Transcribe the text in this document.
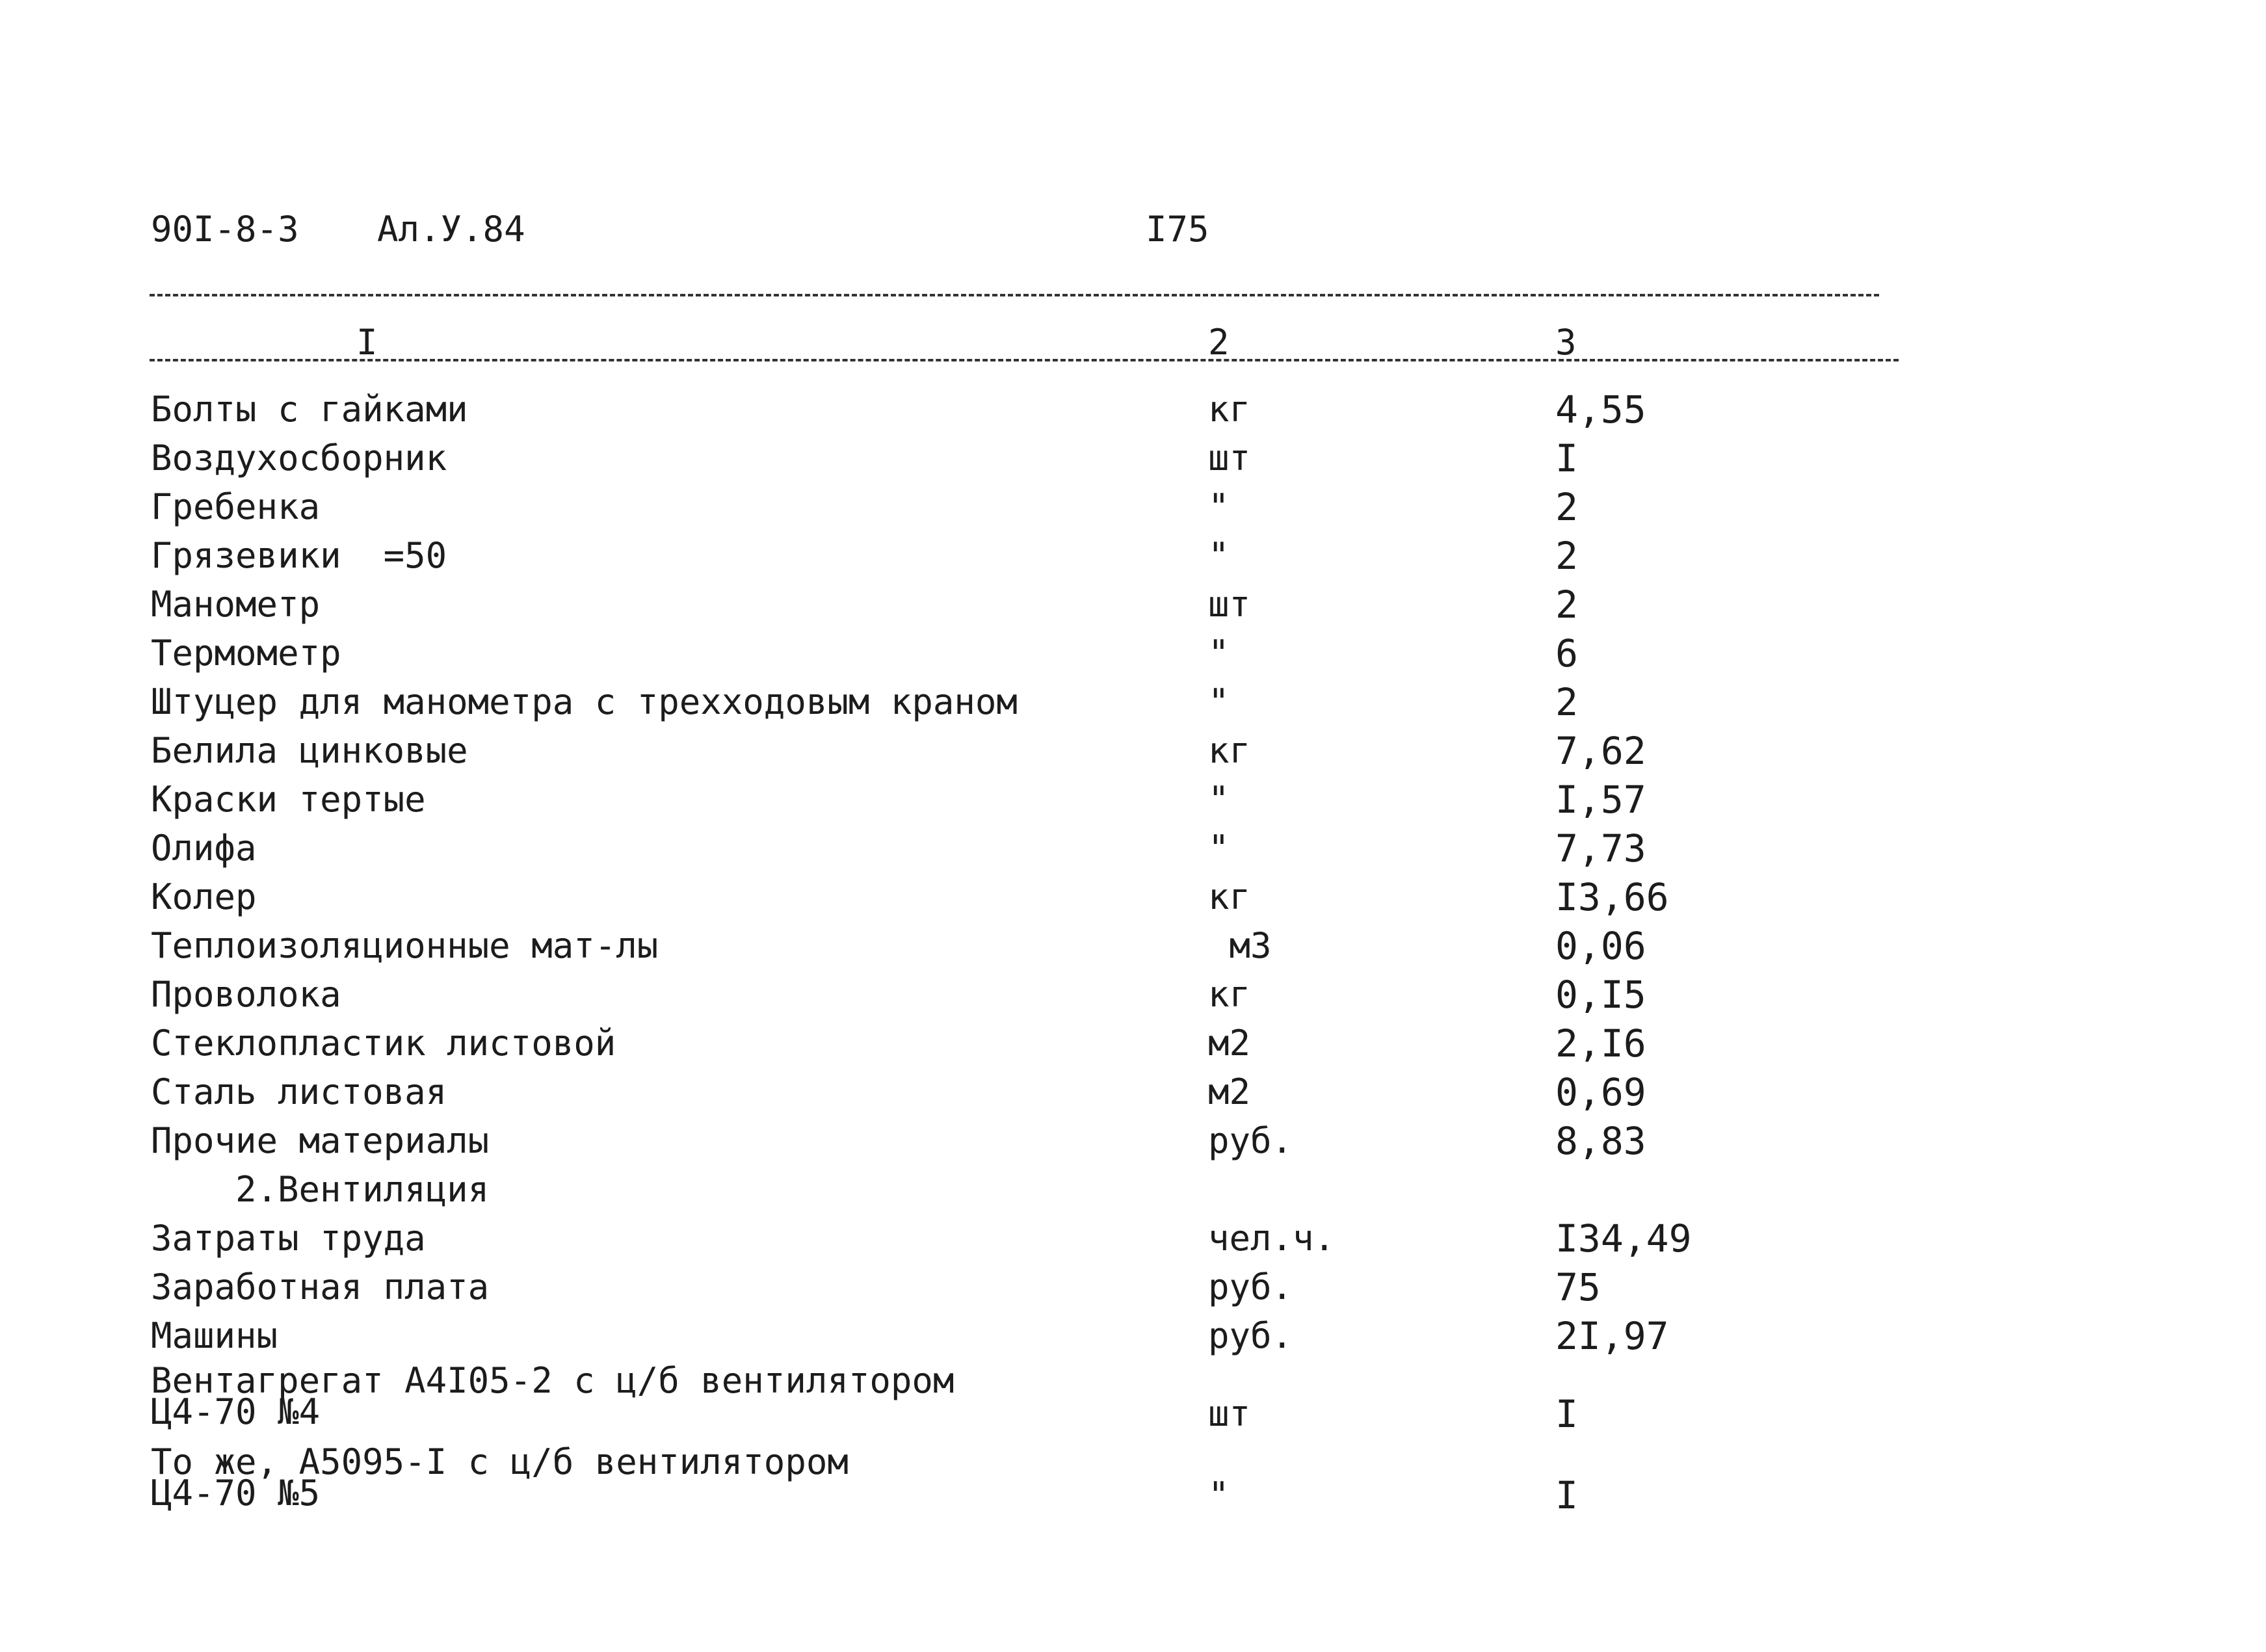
90I-8-3 Ал.У.84	I75
I	2	3
Болты с гайками	кг	4,55
Воздухосборник	шт	I
Гребенка	"	2
Грязевики  =50	"	2
Манометр	шт	2
Термометр	"	6
Штуцер для манометра с трехходовым краном	"	2
Белила цинковые	кг	7,62
Краски тертые	"	I,57
Олифа	"	7,73
Колер	кг	I3,66
Теплоизоляционные мат-лы	м3	0,06
Проволока	кг	0,I5
Стеклопластик листовой	м2	2,I6
Сталь листовая	м2	0,69
Прочие материалы	руб.	8,83
2.Вентиляция
Затраты труда	чел.ч.	I34,49
Заработная плата	руб.	75
Машины	руб.	2I,97
Вентагрегат А4I05-2 с ц/б вентилятором
Ц4-70 №4	шт	I
То же, А5095-I с ц/б вентилятором
Ц4-70 №5	"	I
